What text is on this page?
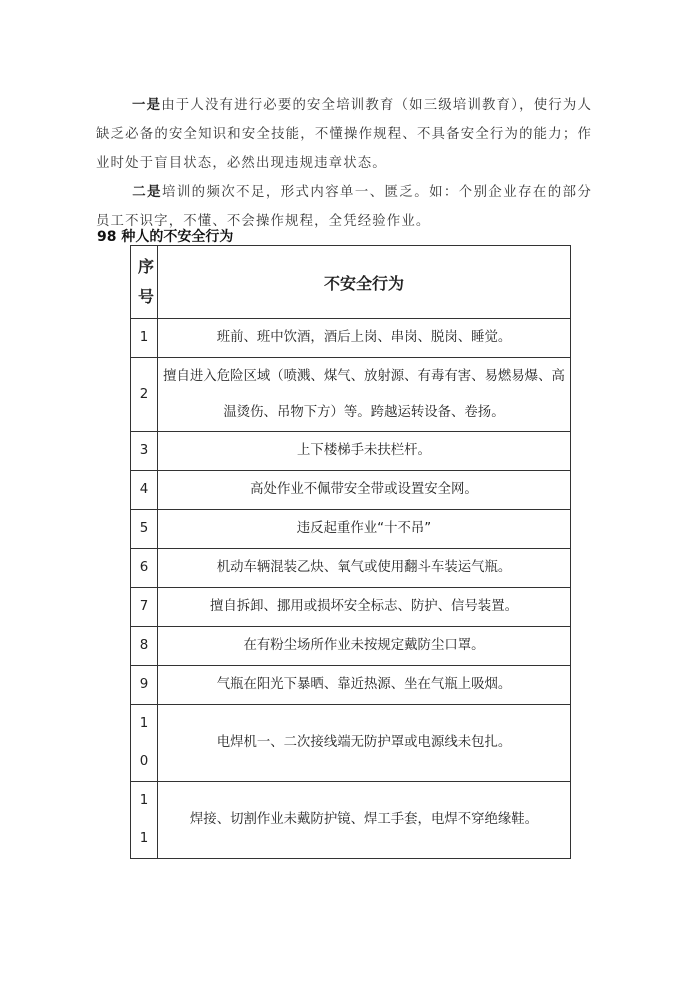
一是由于人没有进行必要的安全培训教育（如三级培训教育），使行为人缺乏必备的安全知识和安全技能，不懂操作规程、不具备安全行为的能力；作业时处于盲目状态，必然出现违规违章状态。

二是培训的频次不足，形式内容单一、匮乏。如：个别企业存在的部分员工不识字，不懂、不会操作规程，全凭经验作业。

98 种人的不安全行为
序号	不安全行为
1	班前、班中饮酒，酒后上岗、串岗、脱岗、睡觉。
2	擅自进入危险区域（喷溅、煤气、放射源、有毒有害、易燃易爆、高温烫伤、吊物下方）等。跨越运转设备、卷扬。
3	上下楼梯手未扶栏杆。
4	高处作业不佩带安全带或设置安全网。
5	违反起重作业“十不吊”
6	机动车辆混装乙炔、氧气或使用翻斗车装运气瓶。
7	擅自拆卸、挪用或损坏安全标志、防护、信号装置。
8	在有粉尘场所作业未按规定戴防尘口罩。
9	气瓶在阳光下暴晒、靠近热源、坐在气瓶上吸烟。

10	电焊机一、二次接线端无防护罩或电源线未包扎。

11	焊接、切割作业未戴防护镜、焊工手套，电焊不穿绝缘鞋。
